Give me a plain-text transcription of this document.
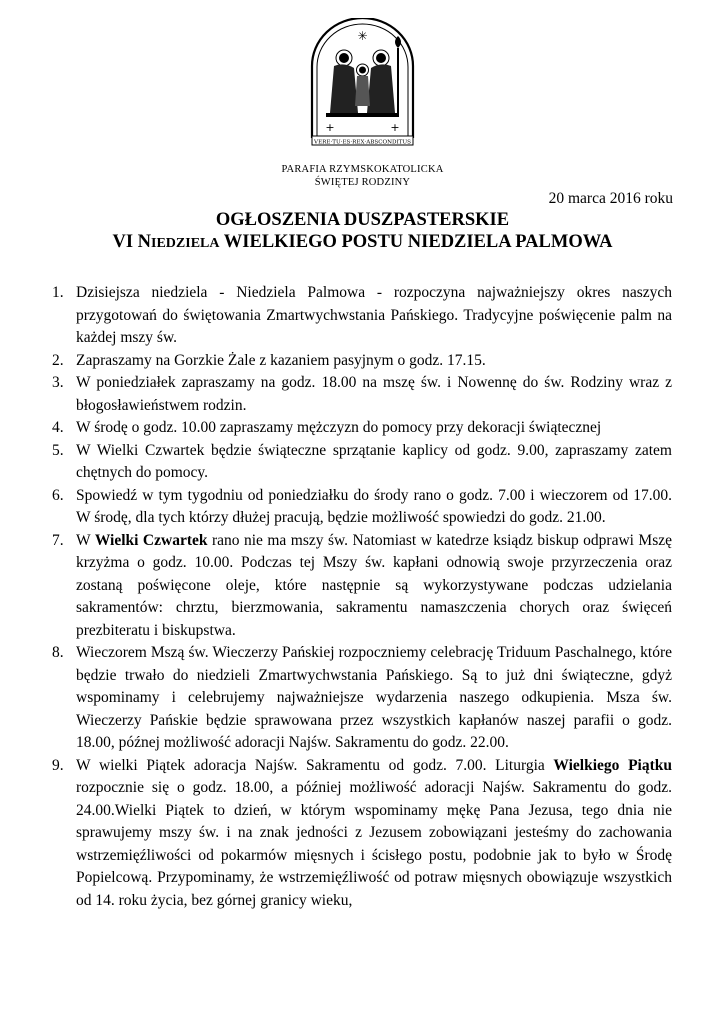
✳
+	+
VERE·TU·ES·REX·ABSCONDITUS
PARAFIA RZYMSKOKATOLICKA
ŚWIĘTEJ RODZINY
20 marca 2016 roku
OGŁOSZENIA DUSZPASTERSKIE
VI NIEDZIELA WIELKIEGO POSTU NIEDZIELA PALMOWA
1. Dzisiejsza niedziela - Niedziela Palmowa - rozpoczyna najważniejszy okres naszych przygotowań do świętowania Zmartwychwstania Pańskiego. Tradycyjne poświęcenie palm na każdej mszy św.
2. Zapraszamy na Gorzkie Żale z kazaniem pasyjnym o godz. 17.15.
3. W poniedziałek zapraszamy na godz. 18.00 na mszę św. i Nowennę do św. Rodziny wraz z błogosławieństwem rodzin.
4. W środę o godz. 10.00 zapraszamy mężczyzn do pomocy przy dekoracji świątecznej
5. W Wielki Czwartek będzie świąteczne sprzątanie kaplicy od godz. 9.00, zapraszamy zatem chętnych do pomocy.
6. Spowiedź w tym tygodniu od poniedziałku do środy rano o godz. 7.00 i wieczorem od 17.00. W środę, dla tych którzy dłużej pracują, będzie możliwość spowiedzi do godz. 21.00.
7. W Wielki Czwartek rano nie ma mszy św. Natomiast w katedrze ksiądz biskup odprawi Mszę krzyżma o godz. 10.00. Podczas tej Mszy św. kapłani odnowią swoje przyrzeczenia oraz zostaną poświęcone oleje, które następnie są wykorzystywane podczas udzielania sakramentów: chrztu, bierzmowania, sakramentu namaszczenia chorych oraz święceń prezbiteratu i biskupstwa.
8. Wieczorem Mszą św. Wieczerzy Pańskiej rozpoczniemy celebrację Triduum Paschalnego, które będzie trwało do niedzieli Zmartwychwstania Pańskiego. Są to już dni świąteczne, gdyż wspominamy i celebrujemy najważniejsze wydarzenia naszego odkupienia. Msza św. Wieczerzy Pańskie będzie sprawowana przez wszystkich kapłanów naszej parafii o godz. 18.00, późnej możliwość adoracji Najśw. Sakramentu do godz. 22.00.
9. W wielki Piątek adoracja Najśw. Sakramentu od godz. 7.00. Liturgia Wielkiego Piątku rozpocznie się o godz. 18.00, a później możliwość adoracji Najśw. Sakramentu do godz. 24.00.Wielki Piątek to dzień, w którym wspominamy mękę Pana Jezusa, tego dnia nie sprawujemy mszy św. i na znak jedności z Jezusem zobowiązani jesteśmy do zachowania wstrzemięźliwości od pokarmów mięsnych i ścisłego postu, podobnie jak to było w Środę Popielcową. Przypominamy, że wstrzemięźliwość od potraw mięsnych obowiązuje wszystkich od 14. roku życia, bez górnej granicy wieku,
